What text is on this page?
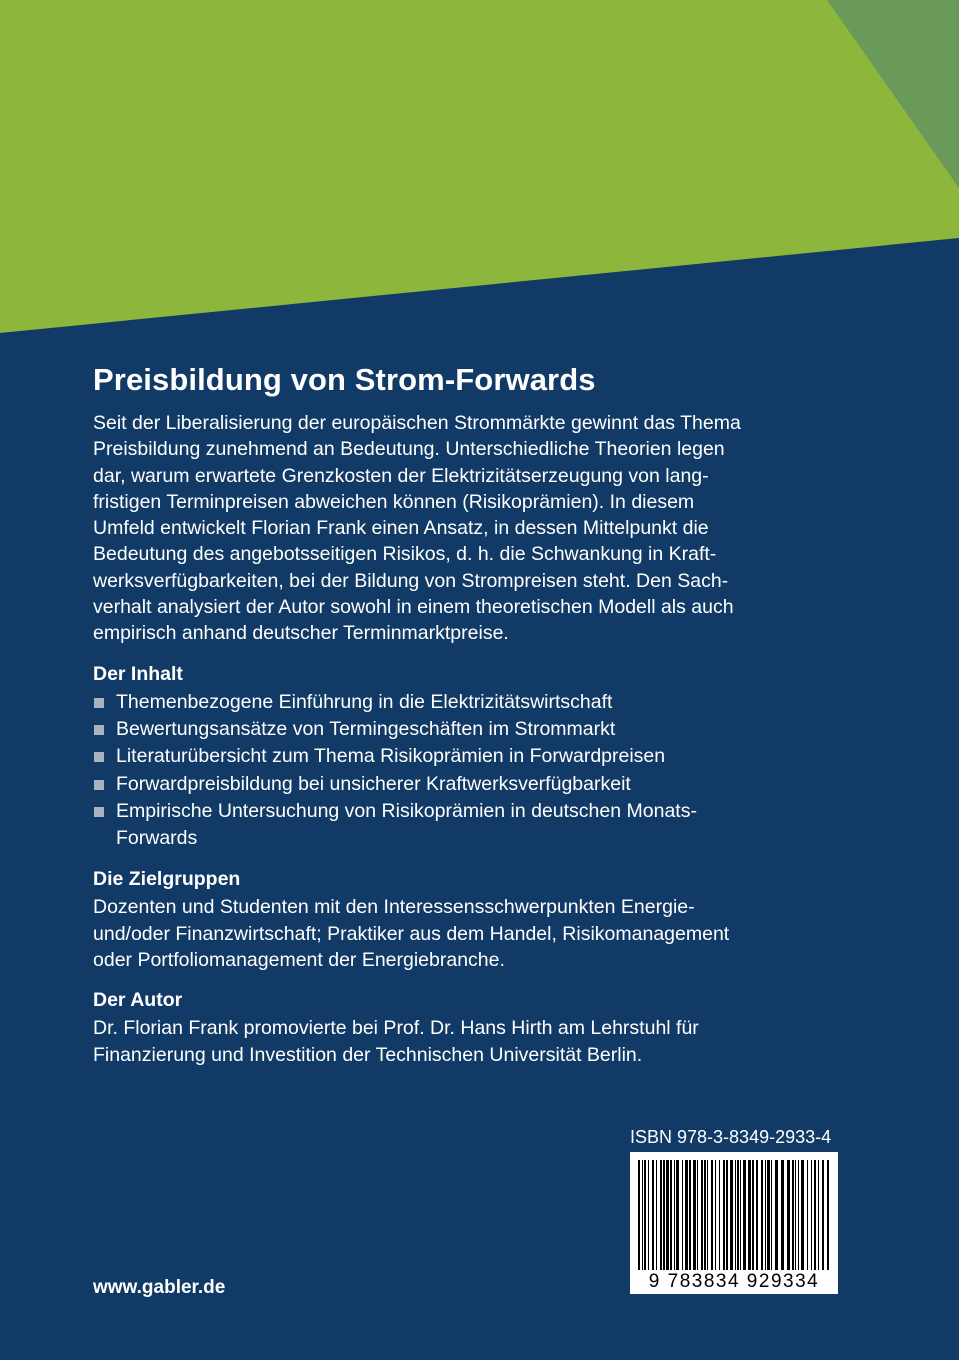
Preisbildung von Strom-Forwards

Seit der Liberalisierung der europäischen Strommärkte gewinnt das Thema
Preisbildung zunehmend an Bedeutung. Unterschiedliche Theorien legen
dar, warum erwartete Grenzkosten der Elektrizitätserzeugung von lang-
fristigen Terminpreisen abweichen können (Risikoprämien). In diesem
Umfeld entwickelt Florian Frank einen Ansatz, in dessen Mittelpunkt die
Bedeutung des angebotsseitigen Risikos, d. h. die Schwankung in Kraft-
werksverfügbarkeiten, bei der Bildung von Strompreisen steht. Den Sach-
verhalt analysiert der Autor sowohl in einem theoretischen Modell als auch
empirisch anhand deutscher Terminmarktpreise.

Der Inhalt
Themenbezogene Einführung in die Elektrizitätswirtschaft
Bewertungsansätze von Termingeschäften im Strommarkt
Literaturübersicht zum Thema Risikoprämien in Forwardpreisen
Forwardpreisbildung bei unsicherer Kraftwerksverfügbarkeit
Empirische Untersuchung von Risikoprämien in deutschen Monats-
Forwards
Die Zielgruppen

Dozenten und Studenten mit den Interessensschwerpunkten Energie-
und/oder Finanzwirtschaft; Praktiker aus dem Handel, Risikomanagement
oder Portfoliomanagement der Energiebranche.

Der Autor

Dr. Florian Frank promovierte bei Prof. Dr. Hans Hirth am Lehrstuhl für
Finanzierung und Investition der Technischen Universität Berlin.

ISBN 978-3-8349-2933-4
9 783834 929334
www.gabler.de
